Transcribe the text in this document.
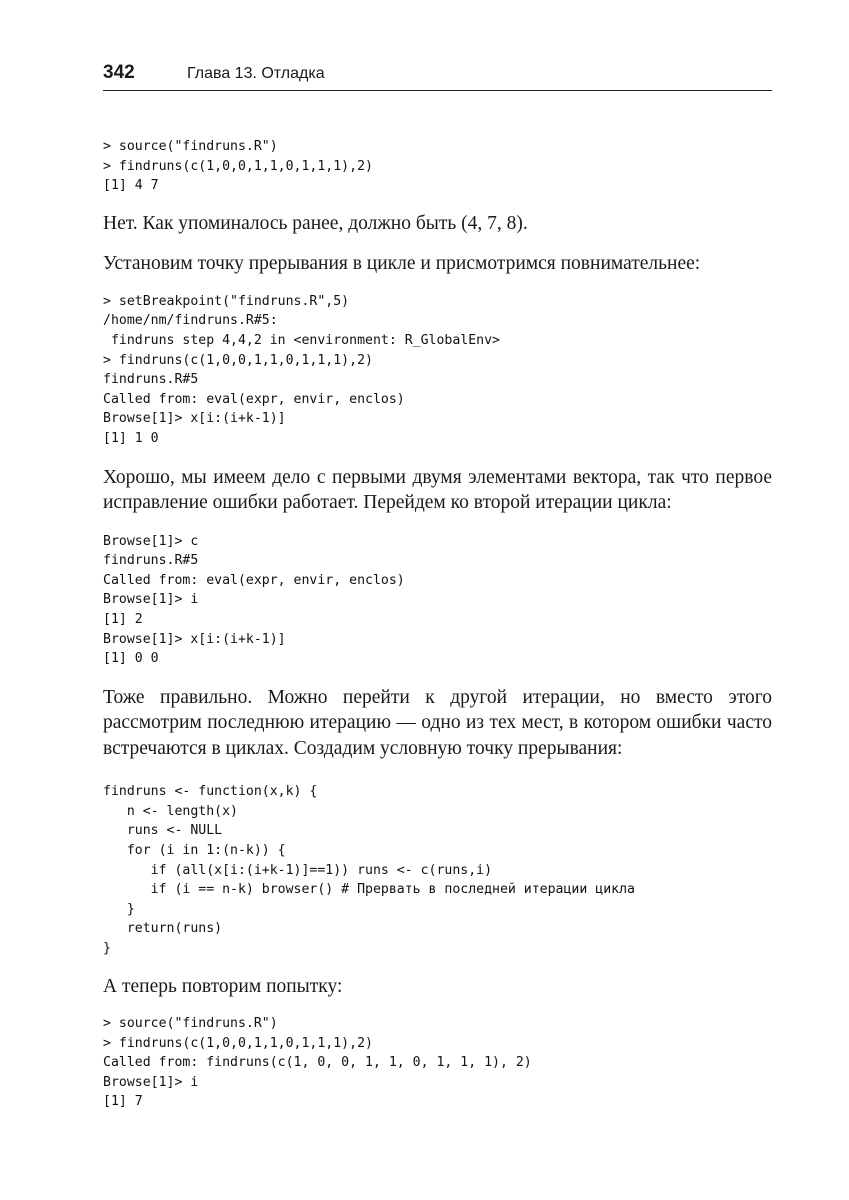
342	Глава 13. Отладка
> source("findruns.R")
> findruns(c(1,0,0,1,1,0,1,1,1),2)
[1] 4 7

Нет. Как упоминалось ранее, должно быть (4, 7, 8).

Установим точку прерывания в цикле и присмотримся повнимательнее:

> setBreakpoint("findruns.R",5)
/home/nm/findruns.R#5:
findruns step 4,4,2 in <environment: R_GlobalEnv>
> findruns(c(1,0,0,1,1,0,1,1,1),2)
findruns.R#5
Called from: eval(expr, envir, enclos)
Browse[1]> x[i:(i+k-1)]
[1] 1 0

Хорошо, мы имеем дело с первыми двумя элементами вектора, так что первое исправление ошибки работает. Перейдем ко второй итерации цикла:

Browse[1]> c
findruns.R#5
Called from: eval(expr, envir, enclos)
Browse[1]> i
[1] 2
Browse[1]> x[i:(i+k-1)]
[1] 0 0

Тоже правильно. Можно перейти к другой итерации, но вместо этого рассмотрим последнюю итерацию — одно из тех мест, в котором ошибки часто встречаются в циклах. Создадим условную точку прерывания:

findruns <- function(x,k) {
n <- length(x)
runs <- NULL
for (i in 1:(n-k)) {
if (all(x[i:(i+k-1)]==1)) runs <- c(runs,i)
if (i == n-k) browser() # Прервать в последней итерации цикла
}
return(runs)
}

А теперь повторим попытку:

> source("findruns.R")
> findruns(c(1,0,0,1,1,0,1,1,1),2)
Called from: findruns(c(1, 0, 0, 1, 1, 0, 1, 1, 1), 2)
Browse[1]> i
[1] 7
